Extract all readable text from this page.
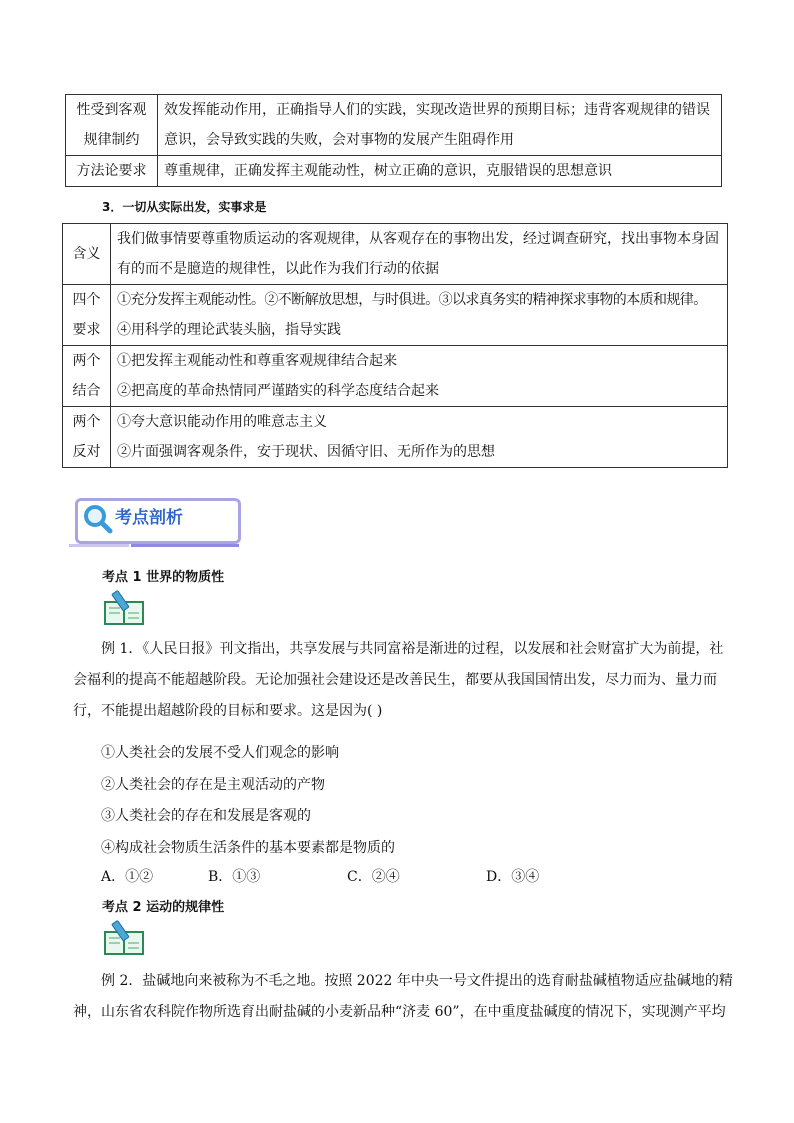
性受到客观
规律制约	效发挥能动作用，正确指导人们的实践，实现改造世界的预期目标；违背客观规律的错误
意识，会导致实践的失败，会对事物的发展产生阻碍作用

方法论要求	尊重规律，正确发挥主观能动性，树立正确的意识，克服错误的思想意识
3．一切从实际出发，实事求是
含义	我们做事情要尊重物质运动的客观规律，从客观存在的事物出发，经过调查研究，找出事物本身固
有的而不是臆造的规律性，以此作为我们行动的依据

四个
要求	①充分发挥主观能动性。②不断解放思想，与时俱进。③以求真务实的精神探求事物的本质和规律。
④用科学的理论武装头脑，指导实践

两个
结合	①把发挥主观能动性和尊重客观规律结合起来
②把高度的革命热情同严谨踏实的科学态度结合起来

两个
反对	①夸大意识能动作用的唯意志主义
②片面强调客观条件，安于现状、因循守旧、无所作为的思想
考点剖析
考点 1 世界的物质性
例 1．《人民日报》刊文指出，共享发展与共同富裕是渐进的过程，以发展和社会财富扩大为前提，社
会福利的提高不能超越阶段。无论加强社会建设还是改善民生，都要从我国国情出发，尽力而为、量力而
行，不能提出超越阶段的目标和要求。这是因为( )
①人类社会的发展不受人们观念的影响
②人类社会的存在是主观活动的产物
③人类社会的存在和发展是客观的
④构成社会物质生活条件的基本要素都是物质的
A．①②	B．①③	C．②④	D．③④
考点 2 运动的规律性
例 2．盐碱地向来被称为不毛之地。按照 2022 年中央一号文件提出的选育耐盐碱植物适应盐碱地的精
神，山东省农科院作物所选育出耐盐碱的小麦新品种“济麦 60”，在中重度盐碱度的情况下，实现测产平均
